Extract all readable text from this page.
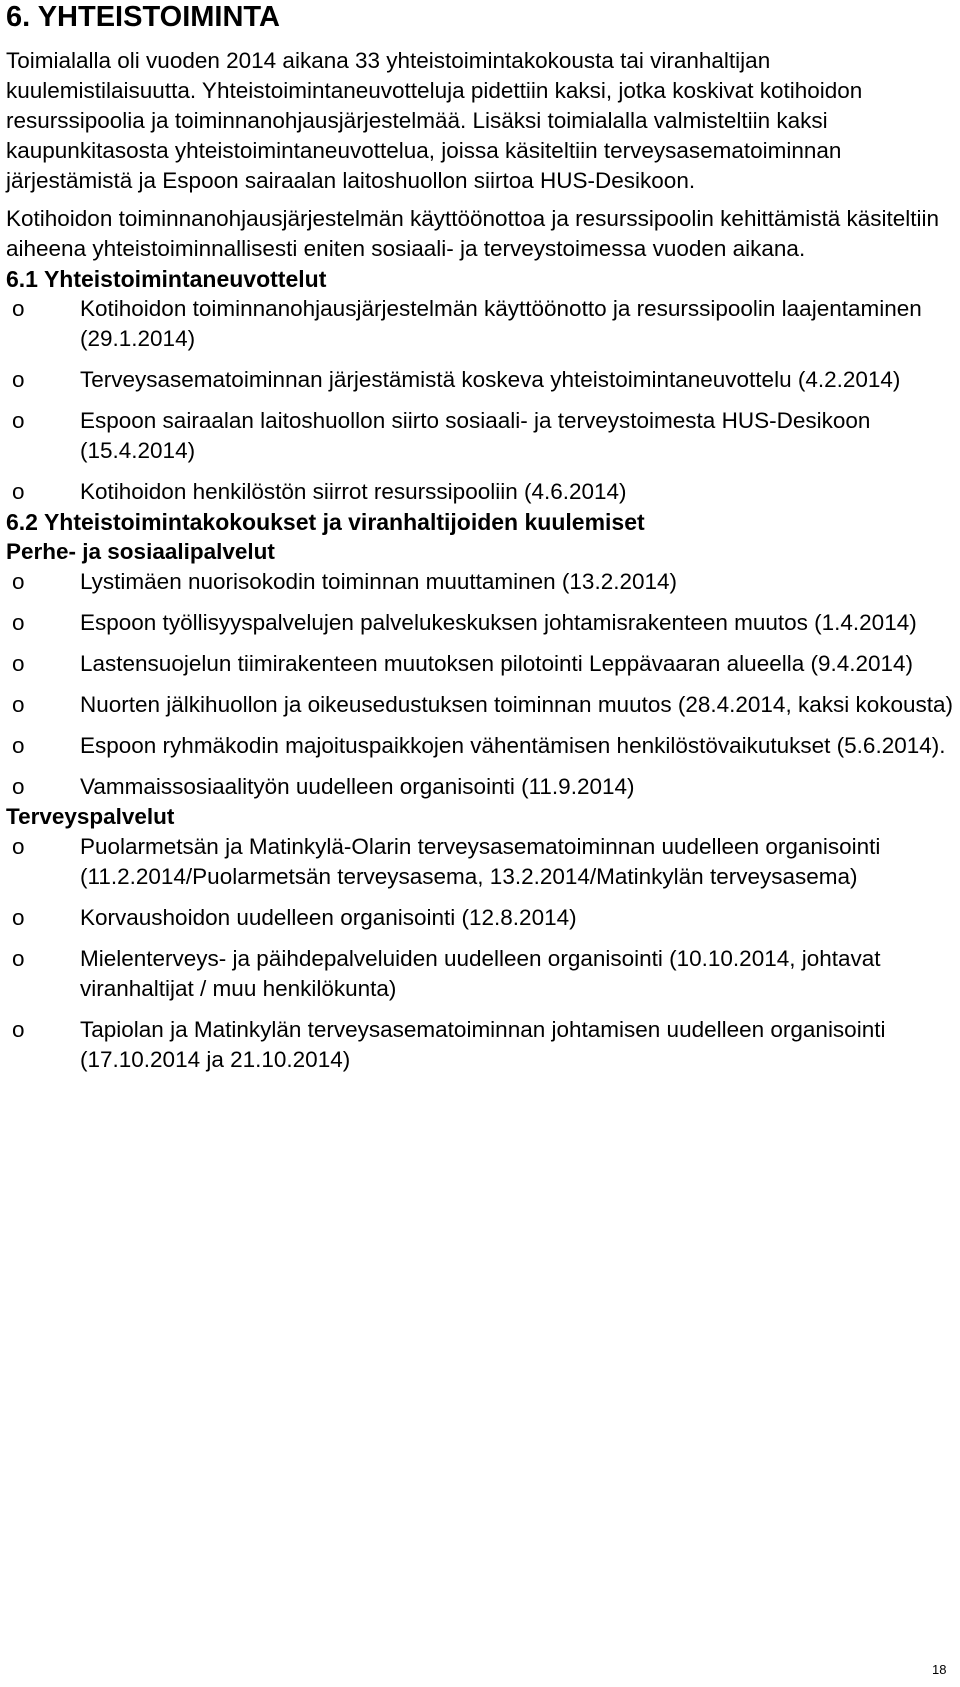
6. YHTEISTOIMINTA

Toimialalla oli vuoden 2014 aikana 33 yhteistoimintakokousta tai viranhaltijan kuulemistilaisuutta. Yhteistoimintaneuvotteluja pidettiin kaksi, jotka koskivat kotihoidon resurssipoolia ja toiminnanohjausjärjestelmää. Lisäksi toimialalla valmisteltiin kaksi kaupunkitasosta yhteistoimintaneuvottelua, joissa käsiteltiin terveysasematoiminnan järjestämistä ja Espoon sairaalan laitoshuollon siirtoa HUS-Desikoon.

Kotihoidon toiminnanohjausjärjestelmän käyttöönottoa ja resurssipoolin kehittämistä käsiteltiin aiheena yhteistoiminnallisesti eniten sosiaali- ja terveystoimessa vuoden aikana.

6.1 Yhteistoimintaneuvottelut
o	Kotihoidon toiminnanohjausjärjestelmän käyttöönotto ja resurssipoolin laajentaminen (29.1.2014)
o	Terveysasematoiminnan järjestämistä koskeva yhteistoimintaneuvottelu (4.2.2014)
o	Espoon sairaalan laitoshuollon siirto sosiaali- ja terveystoimesta HUS-Desikoon (15.4.2014)
o	Kotihoidon henkilöstön siirrot resurssipooliin (4.6.2014)
6.2 Yhteistoimintakokoukset ja viranhaltijoiden kuulemiset
Perhe- ja sosiaalipalvelut
o	Lystimäen nuorisokodin toiminnan muuttaminen (13.2.2014)
o	Espoon työllisyyspalvelujen palvelukeskuksen johtamisrakenteen muutos (1.4.2014)
o	Lastensuojelun tiimirakenteen muutoksen pilotointi Leppävaaran alueella (9.4.2014)
o	Nuorten jälkihuollon ja oikeusedustuksen toiminnan muutos (28.4.2014, kaksi kokousta)
o	Espoon ryhmäkodin majoituspaikkojen vähentämisen henkilöstövaikutukset (5.6.2014).
o	Vammaissosiaalityön uudelleen organisointi (11.9.2014)
Terveyspalvelut
o	Puolarmetsän ja Matinkylä-Olarin terveysasematoiminnan uudelleen organisointi (11.2.2014/Puolarmetsän terveysasema, 13.2.2014/Matinkylän terveysasema)
o	Korvaushoidon uudelleen organisointi (12.8.2014)
o	Mielenterveys- ja päihdepalveluiden uudelleen organisointi (10.10.2014, johtavat viranhaltijat / muu henkilökunta)
o	Tapiolan ja Matinkylän terveysasematoiminnan johtamisen uudelleen organisointi (17.10.2014 ja 21.10.2014)
18
